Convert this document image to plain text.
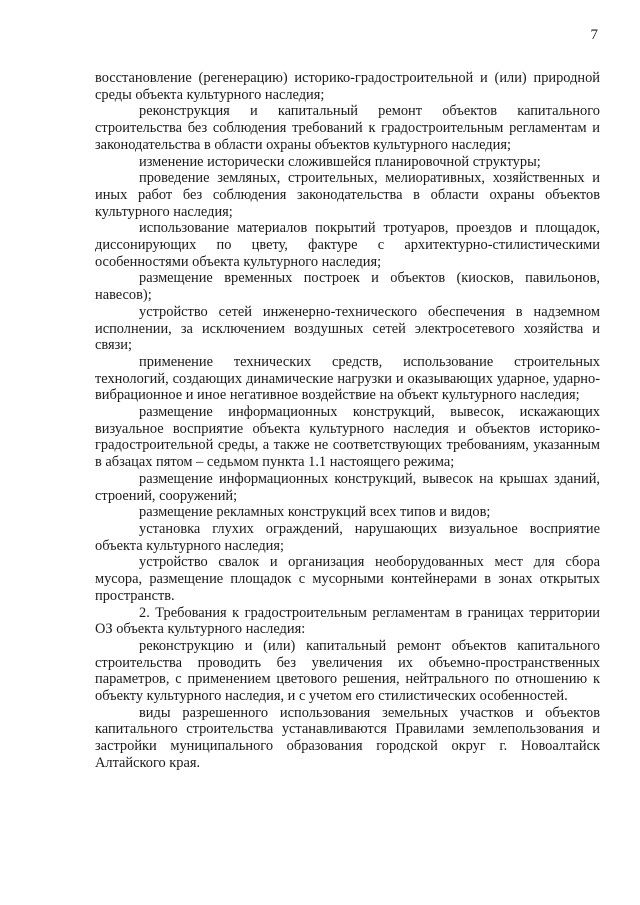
7

восстановление (регенерацию) историко-градостроительной и (или) природной среды объекта культурного наследия;

реконструкция и капитальный ремонт объектов капитального строительства без соблюдения требований к градостроительным регламентам и законодательства в области охраны объектов культурного наследия;

изменение исторически сложившейся планировочной структуры;

проведение земляных, строительных, мелиоративных, хозяйственных и иных работ без соблюдения законодательства в области охраны объектов культурного наследия;

использование материалов покрытий тротуаров, проездов и площадок, диссонирующих по цвету, фактуре с архитектурно-стилистическими особенностями объекта культурного наследия;

размещение временных построек и объектов (киосков, павильонов, навесов);

устройство сетей инженерно-технического обеспечения в надземном исполнении, за исключением воздушных сетей электросетевого хозяйства и связи;

применение технических средств, использование строительных технологий, создающих динамические нагрузки и оказывающих ударное, ударно-вибрационное и иное негативное воздействие на объект культурного наследия;

размещение информационных конструкций, вывесок, искажающих визуальное восприятие объекта культурного наследия и объектов историко-градостроительной среды, а также не соответствующих требованиям, указанным в абзацах пятом – седьмом пункта 1.1 настоящего режима;

размещение информационных конструкций, вывесок на крышах зданий, строений, сооружений;

размещение рекламных конструкций всех типов и видов;

установка глухих ограждений, нарушающих визуальное восприятие объекта культурного наследия;

устройство свалок и организация необорудованных мест для сбора мусора, размещение площадок с мусорными контейнерами в зонах открытых пространств.

2. Требования к градостроительным регламентам в границах территории ОЗ объекта культурного наследия:

реконструкцию и (или) капитальный ремонт объектов капитального строительства проводить без увеличения их объемно-пространственных параметров, с применением цветового решения, нейтрального по отношению к объекту культурного наследия, и с учетом его стилистических особенностей.

виды разрешенного использования земельных участков и объектов капитального строительства устанавливаются Правилами землепользования и застройки муниципального образования городской округ г. Новоалтайск Алтайского края.
